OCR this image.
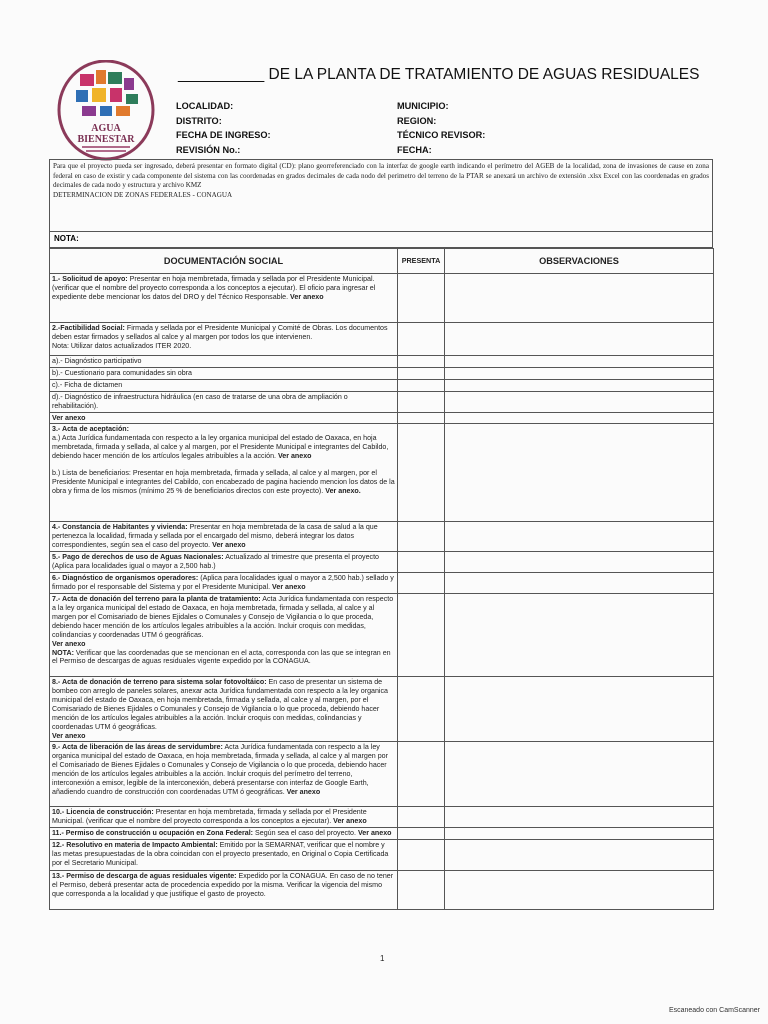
AGUA
BIENESTAR
__________ DE LA PLANTA DE TRATAMIENTO DE AGUAS RESIDUALES
LOCALIDAD:
DISTRITO:
FECHA DE INGRESO:
REVISIÓN No.:
MUNICIPIO:
REGION:
TÉCNICO REVISOR:
FECHA:

Para que el proyecto pueda ser ingresado, deberá presentar en formato digital (CD): plano georreferenciado con la interfaz de google earth indicando el perímetro del AGEB de la localidad, zona de invasiones de cause en zona federal en caso de existir y cada componente del sistema con las coordenadas en grados decimales de cada nodo del perimetro del terreno de la PTAR se anexará un archivo de extensión .xlsx Excel con las coordenadas en grados decimales de cada nodo y estructura y archivo KMZ

DETERMINACION DE ZONAS FEDERALES - CONAGUA

NOTA:
DOCUMENTACIÓN SOCIAL	PRESENTA	OBSERVACIONES
1.- Solicitud de apoyo: Presentar en hoja membretada, firmada y sellada por el Presidente Municipal. (verificar que el nombre del proyecto corresponda a los conceptos a ejecutar). El oficio para ingresar el expediente debe mencionar los datos del DRO y del Técnico Responsable. Ver anexo		
2.-Factibilidad Social: Firmada y sellada por el Presidente Municipal y Comité de Obras. Los documentos deben estar firmados y sellados al calce y al margen por todos los que intervienen.
Nota: Utilizar datos actualizados ITER 2020.		

a).- Diagnóstico participativo		
b).- Cuestionario para comunidades sin obra		
c).- Ficha de dictamen		
d).- Diagnóstico de infraestructura hidráulica (en caso de tratarse de una obra de ampliación o rehabilitación).		
Ver anexo		

3.- Acta de aceptación:
a.) Acta Jurídica fundamentada con respecto a la ley organica municipal del estado de Oaxaca, en hoja membretada, firmada y sellada, al calce y al margen, por el Presidente Municipal e integrantes del Cabildo, debiendo hacer mención de los artículos legales atribuibles a la acción. Ver anexo
b.) Lista de beneficiarios: Presentar en hoja membretada, firmada y sellada, al calce y al margen, por el Presidente Municipal e integrantes del Cabildo, con encabezado de pagina haciendo mencion los datos de la obra y firma de los mismos (mínimo 25 % de beneficiarios directos con este proyecto). Ver anexo.		
4.- Constancia de Habitantes y vivienda: Presentar en hoja membretada de la casa de salud a la que pertenezca la localidad, firmada y sellada por el encargado del mismo, deberá integrar los datos correspondientes, según sea el caso del proyecto. Ver anexo		
5.- Pago de derechos de uso de Aguas Nacionales: Actualizado al trimestre que presenta el proyecto (Aplica para localidades igual o mayor a 2,500 hab.)		
6.- Diagnóstico de organismos operadores: (Aplica para localidades igual o mayor a 2,500 hab.) sellado y firmado por el responsable del Sistema y por el Presidente Municipal. Ver anexo		
7.- Acta de donación del terreno para la planta de tratamiento: Acta Jurídica fundamentada con respecto a la ley organica municipal del estado de Oaxaca, en hoja membretada, firmada y sellada, al calce y al margen por el Comisariado de bienes Ejidales o Comunales y Consejo de Vigilancia o lo que proceda, debiendo hacer mención de los artículos legales atribuibles a la acción. Incluir croquis con medidas, colindancias y coordenadas UTM ó geográficas.
Ver anexo
NOTA: Verificar que las coordenadas que se mencionan en el acta, corresponda con las que se integran en el Permiso de descargas de aguas residuales vigente expedido por la CONAGUA.		
8.- Acta de donación de terreno para sistema solar fotovoltáico: En caso de presentar un sistema de bombeo con arreglo de paneles solares, anexar acta Jurídica fundamentada con respecto a la ley organica municipal del estado de Oaxaca, en hoja membretada, firmada y sellada, al calce y al margen, por el Comisariado de Bienes Ejidales o Comunales y Consejo de Vigilancia o lo que proceda, debiendo hacer mención de los artículos legales atribuibles a la acción. Incluir croquis con medidas, colindancias y coordenadas UTM ó geográficas.
Ver anexo		

9.- Acta de liberación de las áreas de servidumbre: Acta Jurídica fundamentada con respecto a la ley organica municipal del estado de Oaxaca, en hoja membretada, firmada y sellada, al calce y al margen por el Comisariado de Bienes Ejidales o Comunales y Consejo de Vigilancia o lo que proceda, debiendo hacer mención de los artículos legales atribuibles a la acción. Incluir croquis del perímetro del terreno, interconexión a emisor, legible de la interconexión, deberá presentarse con interfaz de Google Earth, añadiendo cuandro de construcción con coordenadas UTM ó geográficas. Ver anexo		
10.- Licencia de construcción: Presentar en hoja membretada, firmada y sellada por el Presidente Municipal. (verificar que el nombre del proyecto corresponda a los conceptos a ejecutar). Ver anexo		
11.- Permiso de construcción u ocupación en Zona Federal: Según sea el caso del proyecto. Ver anexo		
12.- Resolutivo en materia de Impacto Ambiental: Emitido por la SEMARNAT, verificar que el nombre y las metas presupuestadas de la obra coincidan con el proyecto presentado, en Original o Copia Certificada por el Secretario Municipal.		
13.- Permiso de descarga de aguas residuales vigente: Expedido por la CONAGUA. En caso de no tener el Permiso, deberá presentar acta de procedencia expedido por la misma. Verificar la vigencia del mismo que corresponda a la localidad y que justifique el gasto de proyecto.		
1
Escaneado con CamScanner
